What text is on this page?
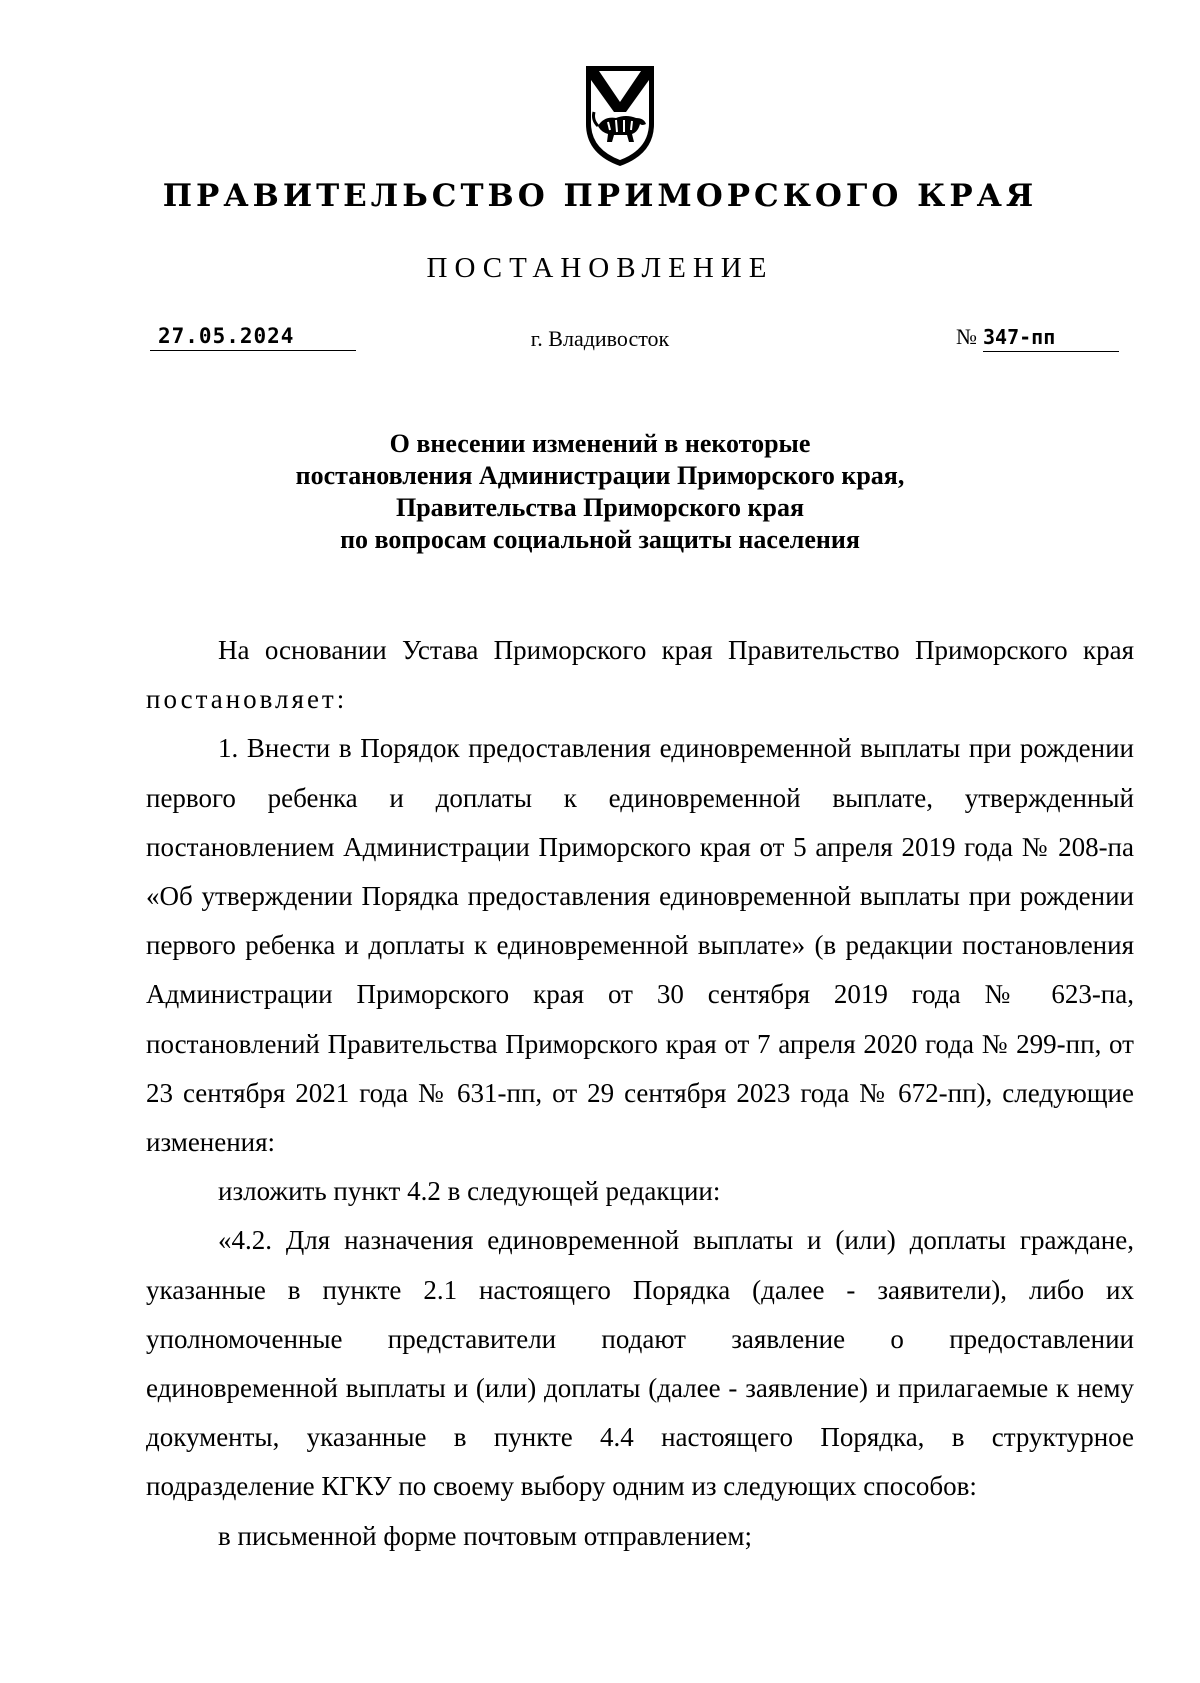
ПРАВИТЕЛЬСТВО ПРИМОРСКОГО КРАЯ
ПОСТАНОВЛЕНИЕ
27.05.2024	г. Владивосток	№ 347-пп
О внесении изменений в некоторые
постановления Администрации Приморского края,
Правительства Приморского края
по вопросам социальной защиты населения

На основании Устава Приморского края Правительство Приморского края постановляет:

1. Внести в Порядок предоставления единовременной выплаты при рождении первого ребенка и доплаты к единовременной выплате, утвержденный постановлением Администрации Приморского края от 5 апреля 2019 года № 208-па «Об утверждении Порядка предоставления единовременной выплаты при рождении первого ребенка и доплаты к единовременной выплате» (в редакции постановления Администрации Приморского края от 30 сентября 2019 года № 623-па, постановлений Правительства Приморского края от 7 апреля 2020 года № 299-пп, от 23 сентября 2021 года № 631-пп, от 29 сентября 2023 года № 672-пп), следующие изменения:

изложить пункт 4.2 в следующей редакции:

«4.2. Для назначения единовременной выплаты и (или) доплаты граждане, указанные в пункте 2.1 настоящего Порядка (далее - заявители), либо их уполномоченные представители подают заявление о предоставлении единовременной выплаты и (или) доплаты (далее - заявление) и прилагаемые к нему документы, указанные в пункте 4.4 настоящего Порядка, в структурное подразделение КГКУ по своему выбору одним из следующих способов:

в письменной форме почтовым отправлением;
